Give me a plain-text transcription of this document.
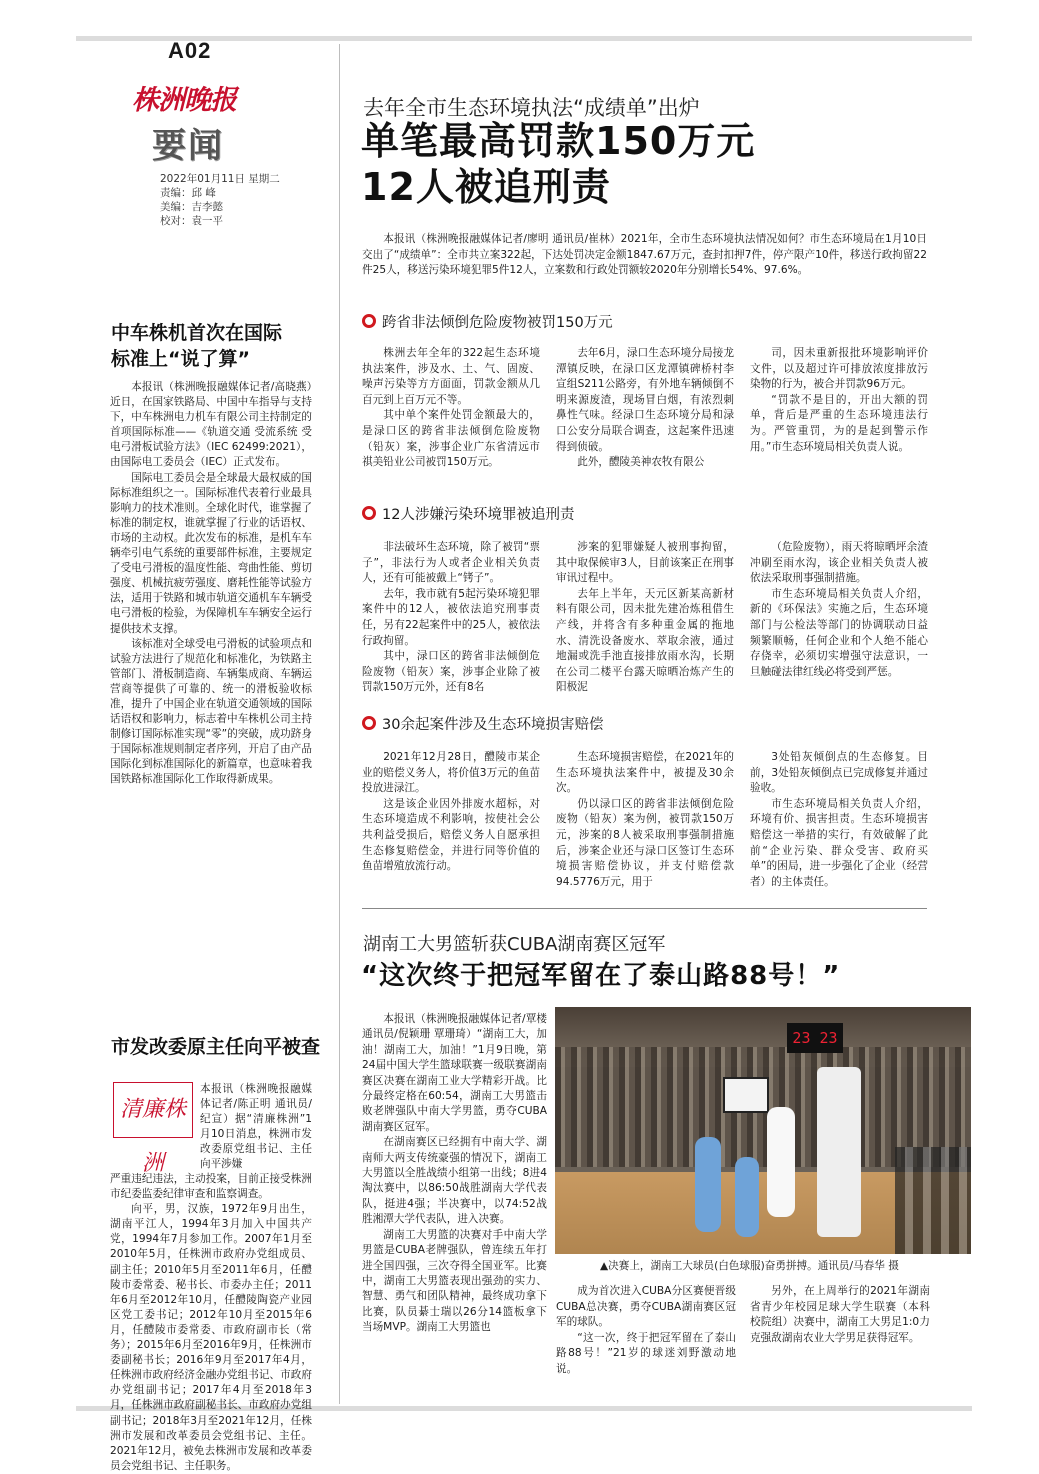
A02
株洲晚报
要闻
2022年01月11日 星期二
责编：邱 峰
美编：吉李懿
校对：袁一平
去年全市生态环境执法“成绩单”出炉
单笔最高罚款150万元
12人被追刑责
本报讯（株洲晚报融媒体记者/廖明 通讯员/崔林）2021年，全市生态环境执法情况如何？市生态环境局在1月10日交出了“成绩单”：全市共立案322起，下达处罚决定金额1847.67万元，查封扣押7件，停产限产10件，移送行政拘留22件25人，移送污染环境犯罪5件12人，立案数和行政处罚额较2020年分别增长54%、97.6%。
跨省非法倾倒危险废物被罚150万元

株洲去年全年的322起生态环境执法案件，涉及水、土、气、固废、噪声污染等方方面面，罚款金额从几百元到上百万元不等。

其中单个案件处罚金额最大的，是渌口区的跨省非法倾倒危险废物（铅灰）案，涉事企业广东省清远市祺美铅业公司被罚150万元。

去年6月，渌口生态环境分局接龙潭镇反映，在渌口区龙潭镇碑桥村李宣组S211公路旁，有外地车辆倾倒不明来源废渣，现场冒白烟，有浓烈刺鼻性气味。经渌口生态环境分局和渌口公安分局联合调查，这起案件迅速得到侦破。

此外，醴陵美神农牧有限公

司，因未重新报批环境影响评价文件，以及超过许可排放浓度排放污染物的行为，被合并罚款96万元。

“罚款不是目的，开出大额的罚单，背后是严重的生态环境违法行为。严管重罚，为的是起到警示作用。”市生态环境局相关负责人说。

12人涉嫌污染环境罪被追刑责

非法破坏生态环境，除了被罚“票子”，非法行为人或者企业相关负责人，还有可能被戴上“铐子”。

去年，我市就有5起污染环境犯罪案件中的12人，被依法追究刑事责任，另有22起案件中的25人，被依法行政拘留。

其中，渌口区的跨省非法倾倒危险废物（铅灰）案，涉事企业除了被罚款150万元外，还有8名

涉案的犯罪嫌疑人被刑事拘留，其中取保候审3人，目前该案正在刑事审讯过程中。

去年上半年，天元区新某高新材料有限公司，因未批先建冶炼租借生产线，并将含有多种重金属的拖地水、清洗设备废水、萃取余液，通过地漏或洗手池直接排放雨水沟，长期在公司二楼平台露天晾晒冶炼产生的阳极泥

（危险废物），雨天将晾晒坪余渣冲刷至雨水沟，该企业相关负责人被依法采取刑事强制措施。

市生态环境局相关负责人介绍，新的《环保法》实施之后，生态环境部门与公检法等部门的协调联动日益频繁顺畅，任何企业和个人绝不能心存侥幸，必须切实增强守法意识，一旦触碰法律红线必将受到严惩。

30余起案件涉及生态环境损害赔偿

2021年12月28日，醴陵市某企业的赔偿义务人，将价值3万元的鱼苗投放进渌江。

这是该企业因外排废水超标，对生态环境造成不利影响，按使社会公共利益受损后，赔偿义务人自愿承担生态修复赔偿金，并进行同等价值的鱼苗增殖放流行动。

生态环境损害赔偿，在2021年的生态环境执法案件中，被提及30余次。

仍以渌口区的跨省非法倾倒危险废物（铅灰）案为例，被罚款150万元，涉案的8人被采取刑事强制措施后，涉案企业还与渌口区签订生态环境损害赔偿协议，并支付赔偿款94.5776万元，用于

3处铅灰倾倒点的生态修复。目前，3处铅灰倾倒点已完成修复并通过验收。

市生态环境局相关负责人介绍，环境有价、损害担责。生态环境损害赔偿这一举措的实行，有效破解了此前“企业污染、群众受害、政府买单”的困局，进一步强化了企业（经营者）的主体责任。

湖南工大男篮斩获CUBA湖南赛区冠军
“这次终于把冠军留在了泰山路88号！”

本报讯（株洲晚报融媒体记者/覃楼 通讯员/倪颖珊 覃珊琦）“湖南工大，加油！湖南工大，加油！”1月9日晚，第24届中国大学生篮球联赛一级联赛湖南赛区决赛在湖南工业大学精彩开战。比分最终定格在60:54，湖南工大男篮击败老牌强队中南大学男篮，勇夺CUBA湖南赛区冠军。

在湖南赛区已经拥有中南大学、湖南师大两支传统豪强的情况下，湖南工大男篮以全胜战绩小组第一出线；8进4淘汰赛中，以86:50战胜湖南大学代表队，挺进4强；半决赛中，以74:52战胜湘潭大学代表队，进入决赛。

湖南工大男篮的决赛对手中南大学男篮是CUBA老牌强队，曾连续五年打进全国四强，三次夺得全国亚军。比赛中，湖南工大男篮表现出强劲的实力、智慧、勇气和团队精神，最终成功拿下比赛，队员綦士瑞以26分14篮板拿下当场MVP。湖南工大男篮也

23 23
▲决赛上，湖南工大球员(白色球服)奋勇拼搏。通讯员/马春华 摄

成为首次进入CUBA分区赛便晋级CUBA总决赛，勇夺CUBA湖南赛区冠军的球队。

“这一次，终于把冠军留在了泰山路88号！”21岁的球迷刘野激动地说。

另外，在上周举行的2021年湖南省青少年校园足球大学生联赛（本科校院组）决赛中，湖南工大男足1:0力克强敌湖南农业大学男足获得冠军。

中车株机首次在国际
标准上“说了算”

本报讯（株洲晚报融媒体记者/高晓燕）近日，在国家铁路局、中国中车指导与支持下，中车株洲电力机车有限公司主持制定的首项国际标准——《轨道交通 受流系统 受电弓滑板试验方法》（IEC 62499:2021），由国际电工委员会（IEC）正式发布。

国际电工委员会是全球最大最权威的国际标准组织之一。国际标准代表着行业最具影响力的技术准则。全球化时代，谁掌握了标准的制定权，谁就掌握了行业的话语权、市场的主动权。此次发布的标准，是机车车辆牵引电气系统的重要部件标准，主要规定了受电弓滑板的温度性能、弯曲性能、剪切强度、机械抗疲劳强度、磨耗性能等试验方法，适用于铁路和城市轨道交通机车车辆受电弓滑板的检验，为保障机车车辆安全运行提供技术支撑。

该标准对全球受电弓滑板的试验项点和试验方法进行了规范化和标准化，为铁路主管部门、滑板制造商、车辆集成商、车辆运营商等提供了可靠的、统一的滑板验收标准，提升了中国企业在轨道交通领域的国际话语权和影响力，标志着中车株机公司主持制修订国际标准实现“零”的突破，成功跻身于国际标准规则制定者序列，开启了由产品国际化到标准国际化的新篇章，也意味着我国铁路标准国际化工作取得新成果。

市发改委原主任向平被查
清廉株洲

本报讯（株洲晚报融媒体记者/陈正明 通讯员/纪宣）据“清廉株洲”1月10日消息，株洲市发改委原党组书记、主任向平涉嫌

严重违纪违法，主动投案，目前正接受株洲市纪委监委纪律审查和监察调查。

向平，男，汉族，1972年9月出生，湖南平江人，1994年3月加入中国共产党，1994年7月参加工作。2007年1月至2010年5月，任株洲市政府办党组成员、副主任；2010年5月至2011年6月，任醴陵市委常委、秘书长、市委办主任；2011年6月至2012年10月，任醴陵陶瓷产业园区党工委书记；2012年10月至2015年6月，任醴陵市委常委、市政府副市长（常务）；2015年6月至2016年9月，任株洲市委副秘书长；2016年9月至2017年4月，任株洲市政府经济金融办党组书记、市政府办党组副书记；2017年4月至2018年3月，任株洲市政府副秘书长、市政府办党组副书记；2018年3月至2021年12月，任株洲市发展和改革委员会党组书记、主任。2021年12月，被免去株洲市发展和改革委员会党组书记、主任职务。
